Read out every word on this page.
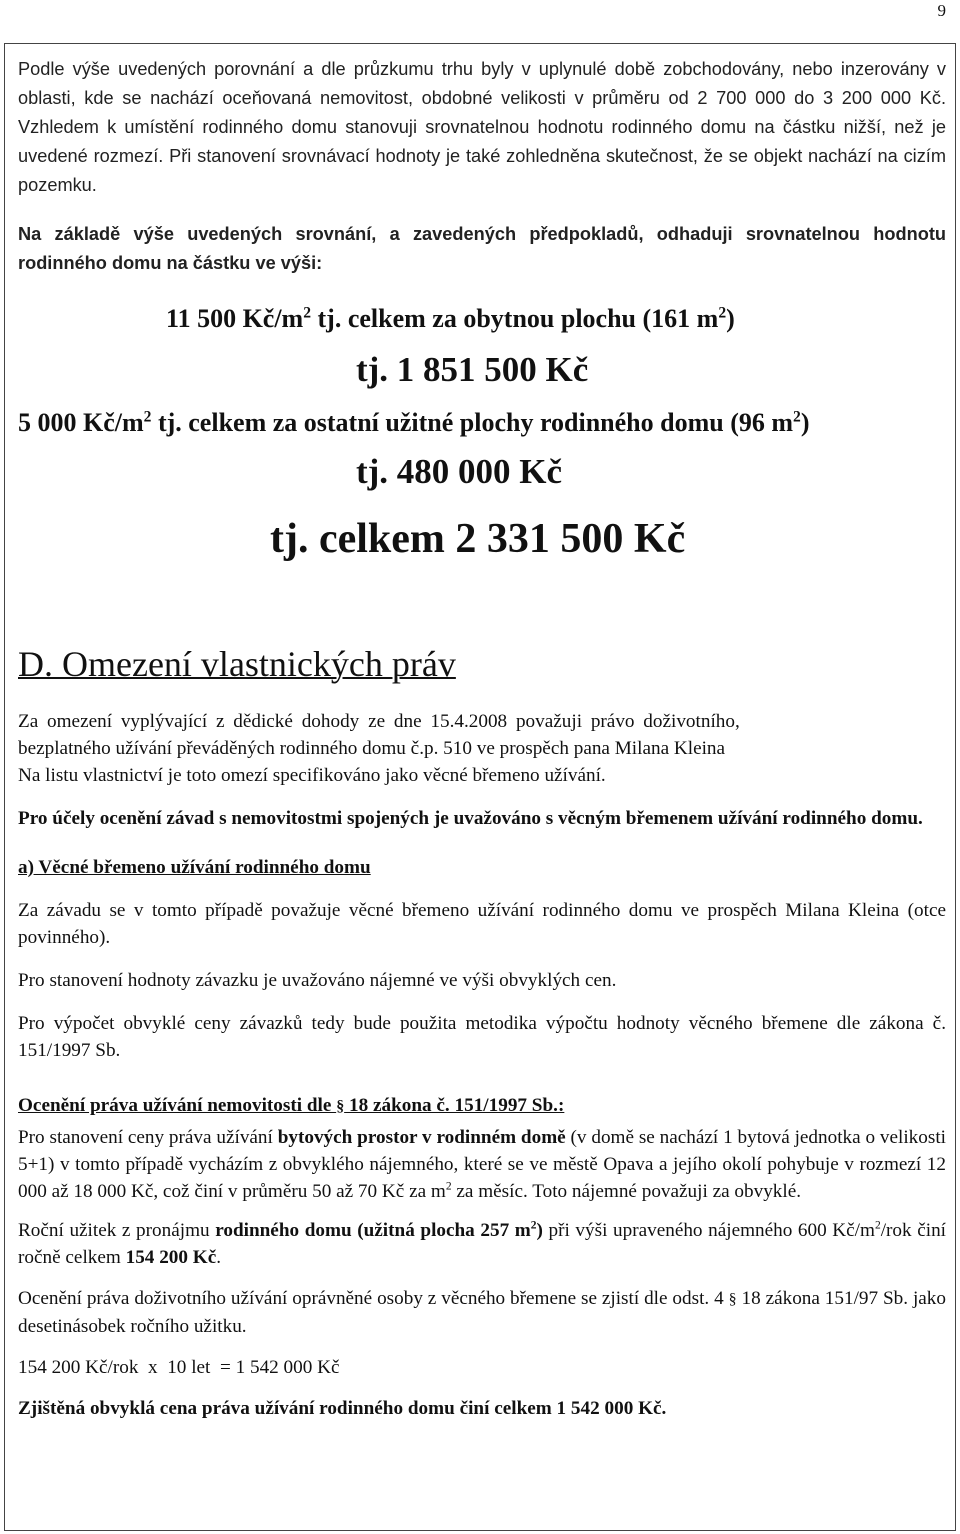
9

Podle výše uvedených porovnání a dle průzkumu trhu byly v uplynulé době zobchodovány, nebo inzerovány v oblasti, kde se nachází oceňovaná nemovitost, obdobné velikosti v průměru od 2 700 000 do 3 200 000 Kč. Vzhledem k umístění rodinného domu stanovuji srovnatelnou hodnotu rodinného domu na částku nižší, než je uvedené rozmezí. Při stanovení srovnávací hodnoty je také zohledněna skutečnost, že se objekt nachází na cizím pozemku.

Na základě výše uvedených srovnání, a zavedených předpokladů, odhaduji srovnatelnou hodnotu rodinného domu na částku ve výši:

11 500 $Kč/m^2$ tj. celkem za obytnou plochu (161 $m^2$)
tj. 1 851 500 Kč
5 000 $Kč/m^2$ tj. celkem za ostatní užitné plochy rodinného domu (96 $m^2$)
tj. 480 000 Kč
tj. celkem 2 331 500 Kč
D. Omezení vlastnických práv
Za omezení vyplývající z dědické dohody ze dne 15.4.2008 považuji právo doživotního,
bezplatného užívání převáděných rodinného domu č.p. 510 ve prospěch pana Milana Kleina
Na listu vlastnictví je toto omezí specifikováno jako věcné břemeno užívání.

Pro účely ocenění závad s nemovitostmi spojených je uvažováno s věcným břemenem užívání rodinného domu.

a) Věcné břemeno užívání rodinného domu

Za závadu se v tomto případě považuje věcné břemeno užívání rodinného domu ve prospěch Milana Kleina (otce povinného).

Pro stanovení hodnoty závazku je uvažováno nájemné ve výši obvyklých cen.

Pro výpočet obvyklé ceny závazků tedy bude použita metodika výpočtu hodnoty věcného břemene dle zákona č. 151/1997 Sb.

Ocenění práva užívání nemovitosti dle § 18 zákona č. 151/1997 Sb.:

Pro stanovení ceny práva užívání bytových prostor v rodinném domě (v domě se nachází 1 bytová jednotka o velikosti 5+1) v tomto případě vycházím z obvyklého nájemného, které se ve městě Opava a jejího okolí pohybuje v rozmezí 12 000 až 18 000 Kč, což činí v průměru 50 až 70 Kč za $m^2$ za měsíc. Toto nájemné považuji za obvyklé.

Roční užitek z pronájmu rodinného domu (užitná plocha 257 $m^2$) při výši upraveného nájemného 600 $Kč/m^2$/rok činí ročně celkem 154 200 Kč.

Ocenění práva doživotního užívání oprávněné osoby z věcného břemene se zjistí dle odst. 4 § 18 zákona 151/97 Sb. jako desetinásobek ročního užitku.

154 200 Kč/rok  x  10 let  = 1 542 000 Kč

Zjištěná obvyklá cena práva užívání rodinného domu činí celkem 1 542 000 Kč.
